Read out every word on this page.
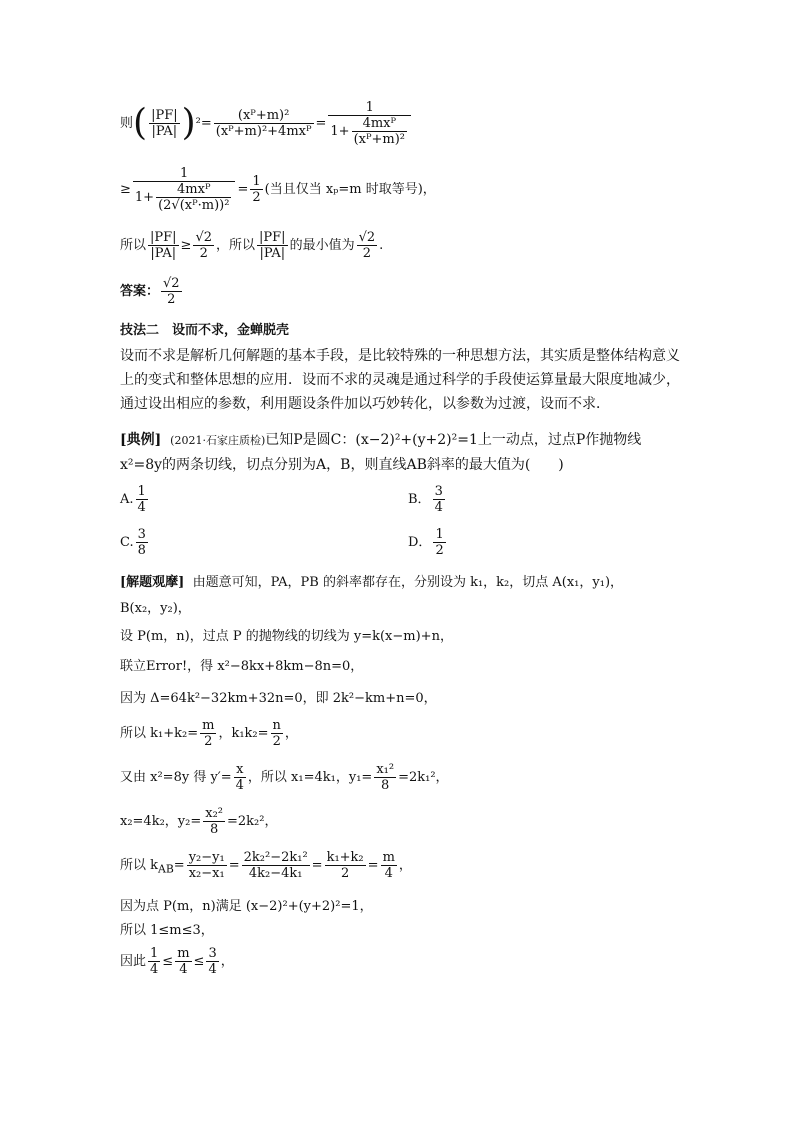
则( $\frac{|PF|}{|PA|} )^2= \frac{\text{(xᴾ+m)²}}{\text{(xᴾ+m)²+4mxᴾ}} = \frac{1}{1+ \frac{\text{4mxᴾ}}{\text{(xᴾ+m)²}}}$
≥ $\frac{1}{1+ \frac{\text{4mxᴾ}}{\text{(2√(xᴾ·m))²}}} = \frac{1}{2}$ (当且仅当 xₚ=m 时取等号)，
所以 $\frac{|PF|}{|PA|} \ge \frac{√2}{2}$ ，所以 $\frac{|PF|}{|PA|}$ 的最小值为 $\frac{√2}{2}$ .
答案： $\frac{√2}{2}$
技法二　设而不求，金蝉脱壳
设而不求是解析几何解题的基本手段，是比较特殊的一种思想方法，其实质是整体结构意义上的变式和整体思想的应用．设而不求的灵魂是通过科学的手段使运算量最大限度地减少，通过设出相应的参数，利用题设条件加以巧妙转化，以参数为过渡，设而不求．
[典例] (2021·石家庄质检)已知P是圆C：(x−2)²+(y+2)²=1上一动点，过点P作抛物线x²=8y的两条切线，切点分别为A，B，则直线AB斜率的最大值为(　　)
A. $\frac{1}{4}$	B． $\frac{3}{4}$
C. $\frac{3}{8}$	D． $\frac{1}{2}$
[解题观摩] 由题意可知，PA，PB 的斜率都存在，分别设为 k₁，k₂，切点 A(x₁，y₁)，
B(x₂，y₂)，
设 P(m，n)，过点 P 的抛物线的切线为 y=k(x−m)+n，
联立Error!，得 x²−8kx+8km−8n=0，
因为 Δ=64k²−32km+32n=0，即 2k²−km+n=0，
所以 $k_1+k_2= \frac{m}{2}$ ，$k_1k_2= \frac{n}{2}$ ，
又由 x²=8y 得 $y'= \frac{x}{4}$ ，所以 x₁=4k₁，$y_1= \frac{\text{x₁²}}{8} =2k_1^2$，
x₂=4k₂，$y_2= \frac{\text{x₂²}}{8} =2k_2^2$，
所以 $k_{AB}= \frac{\text{y₂−y₁}}{\text{x₂−x₁}} = \frac{\text{2k₂²−2k₁²}}{\text{4k₂−4k₁}} = \frac{\text{k₁+k₂}}{2} = \frac{m}{4}$ ，
因为点 P(m，n)满足 (x−2)²+(y+2)²=1，
所以 1≤m≤3，
因此 $\frac{1}{4} \le \frac{m}{4} \le \frac{3}{4}$ ，
